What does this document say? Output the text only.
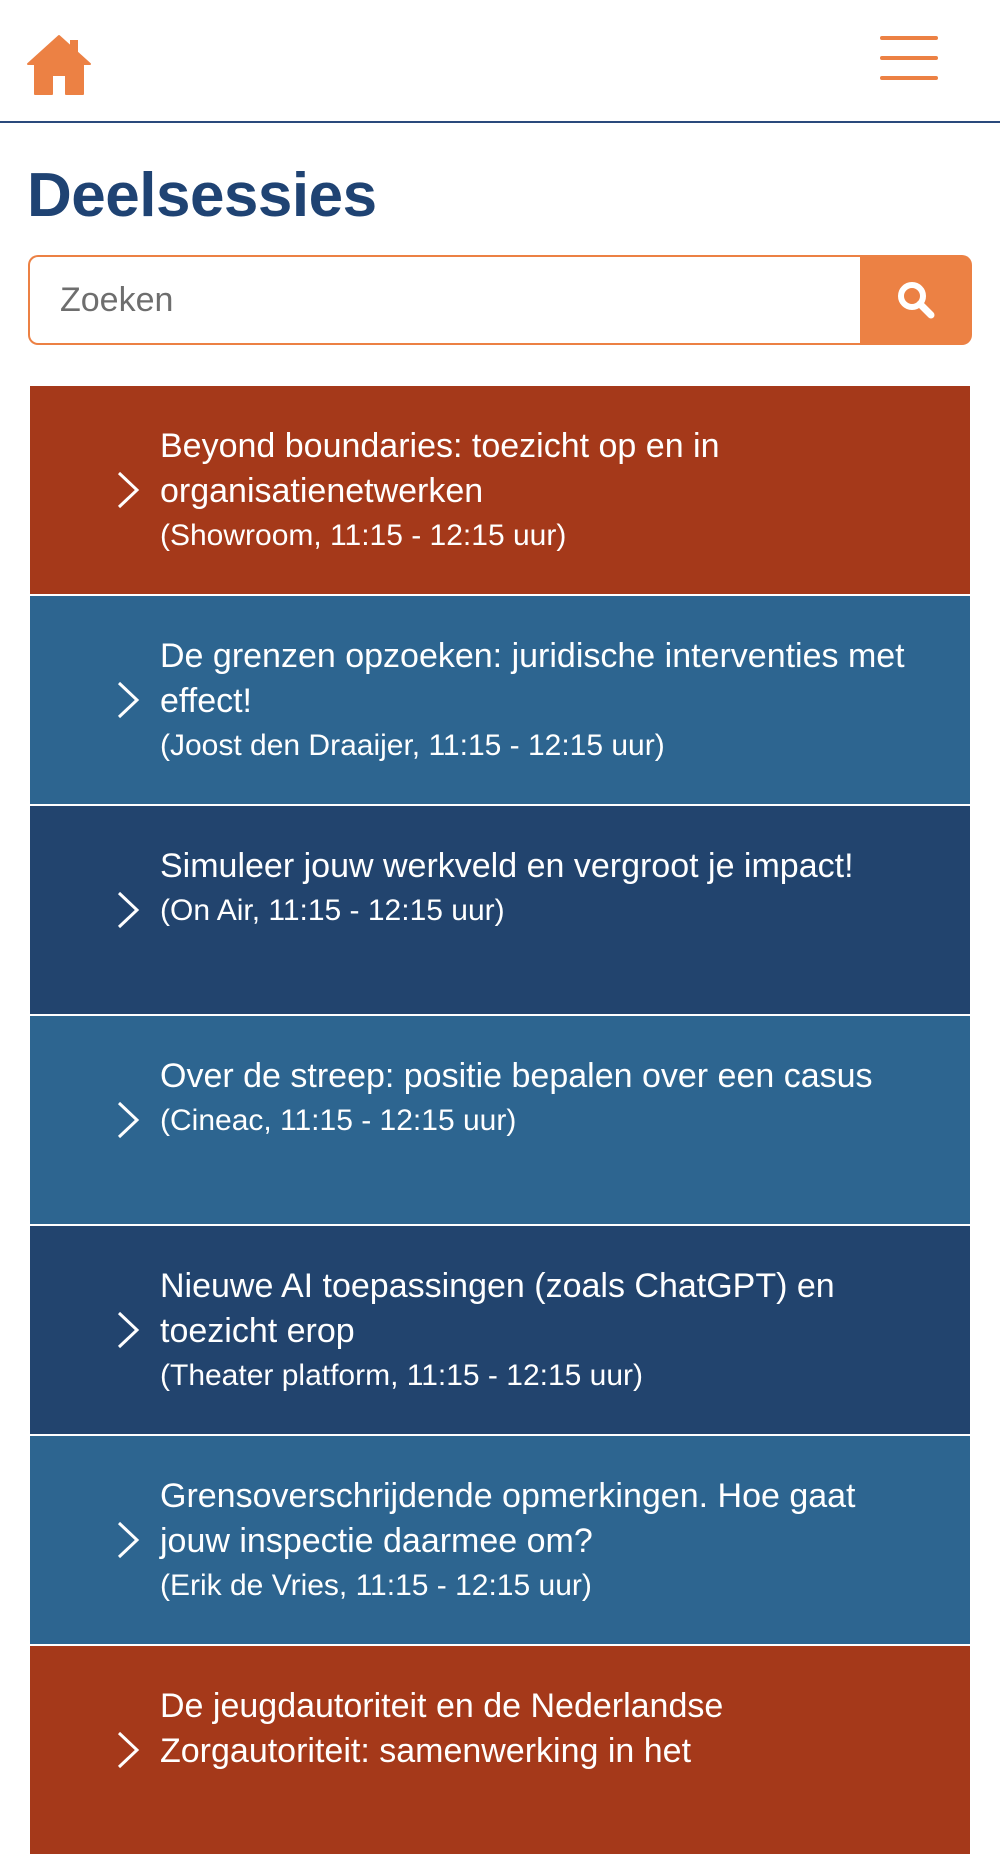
Deelsessies
Zoeken
Beyond boundaries: toezicht op en in organisatienetwerken
(Showroom, 11:15 - 12:15 uur)
De grenzen opzoeken: juridische interventies met effect!
(Joost den Draaijer, 11:15 - 12:15 uur)
Simuleer jouw werkveld en vergroot je impact!
(On Air, 11:15 - 12:15 uur)
Over de streep: positie bepalen over een casus
(Cineac, 11:15 - 12:15 uur)
Nieuwe AI toepassingen (zoals ChatGPT) en toezicht erop
(Theater platform, 11:15 - 12:15 uur)
Grensoverschrijdende opmerkingen. Hoe gaat jouw inspectie daarmee om?
(Erik de Vries, 11:15 - 12:15 uur)
De jeugdautoriteit en de Nederlandse Zorgautoriteit: samenwerking in het
